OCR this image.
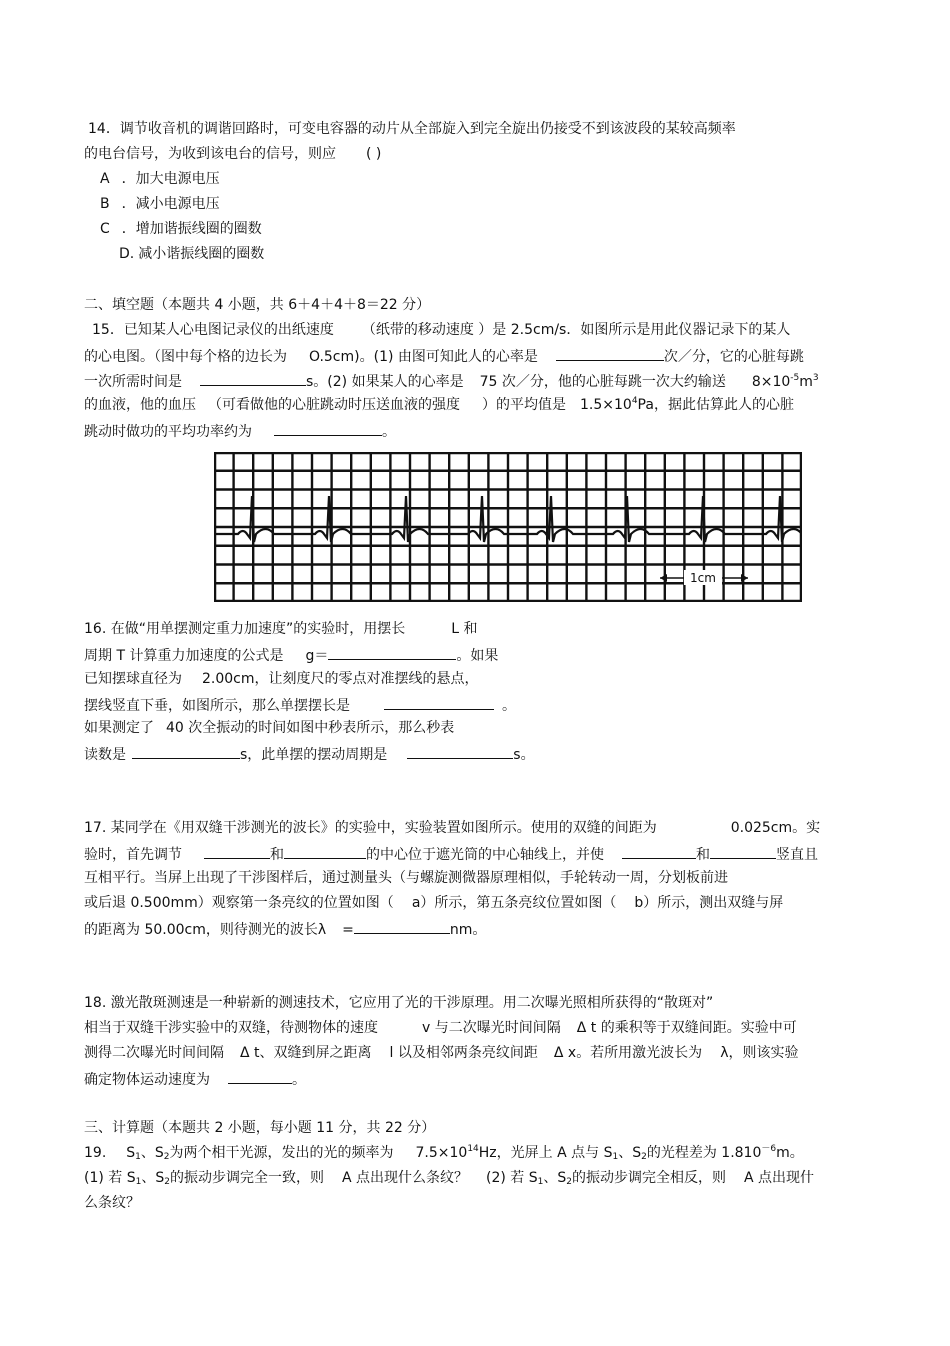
14．调节收音机的调谐回路时，可变电容器的动片从全部旋入到完全旋出仍接受不到该波段的某较高频率
的电台信号，为收到该电台的信号，则应 ( )
A ．加大电源电压
B ．减小电源电压
C ．增加谐振线圈的圈数
D. 减小谐振线圈的圈数
二、填空题（本题共 4 小题，共 6＋4＋4＋8＝22 分）
15．已知某人心电图记录仪的出纸速度 （纸带的移动速度 ）是 2.5cm/s．如图所示是用此仪器记录下的某人
的心电图。（图中每个格的边长为 O.5cm)。(1) 由图可知此人的心率是	次／分，它的心脏每跳
一次所需时间是	s。(2) 如果某人的心率是 75 次／分，他的心脏每跳一次大约输送 $8\times 10^{-5}m^3$
的血液，他的血压 （可看做他的心脏跳动时压送血液的强度 ）的平均值是 $1.5\times 10^4Pa$，据此估算此人的心脏
跳动时做功的平均功率约为	。
1cm
16. 在做“用单摆测定重力加速度”的实验时，用摆长	L 和
周期 T 计算重力加速度的公式是 g＝	。如果
已知摆球直径为 2.00cm，让刻度尺的零点对准摆线的悬点，
摆线竖直下垂，如图所示，那么单摆摆长是	。
如果测定了 40 次全振动的时间如图中秒表所示，那么秒表
读数是	s，此单摆的摆动周期是	s。
17. 某同学在《用双缝干涉测光的波长》的实验中，实验装置如图所示。使用的双缝的间距为	0.025cm。实
验时，首先调节	和	的中心位于遮光筒的中心轴线上，并使	和	竖直且
互相平行。当屏上出现了干涉图样后，通过测量头（与螺旋测微器原理相似，手轮转动一周，分划板前进
或后退 0.500mm）观察第一条亮纹的位置如图（ a）所示，第五条亮纹位置如图（ b）所示，测出双缝与屏
的距离为 50.00cm，则待测光的波长λ =	nm。
18. 激光散斑测速是一种崭新的测速技术，它应用了光的干涉原理。用二次曝光照相所获得的“散斑对”
相当于双缝干涉实验中的双缝，待测物体的速度	v 与二次曝光时间间隔 Δ t 的乘积等于双缝间距。实验中可
测得二次曝光时间间隔 Δ t、双缝到屏之距离 l 以及相邻两条亮纹间距 Δ x。若所用激光波长为 λ，则该实验
确定物体运动速度为	。
三、计算题（本题共 2 小题，每小题 11 分，共 22 分）
19. $S_1$、$S_2$为两个相干光源，发出的光的频率为 $7.5\times 10^{14}Hz$，光屏上 A 点与 $S_1$、$S_2$的光程差为 $1.810^{-6}m$。
(1) 若 $S_1$、$S_2$的振动步调完全一致，则 A 点出现什么条纹？ (2) 若 $S_1$、$S_2$的振动步调完全相反，则 A 点出现什
么条纹？
